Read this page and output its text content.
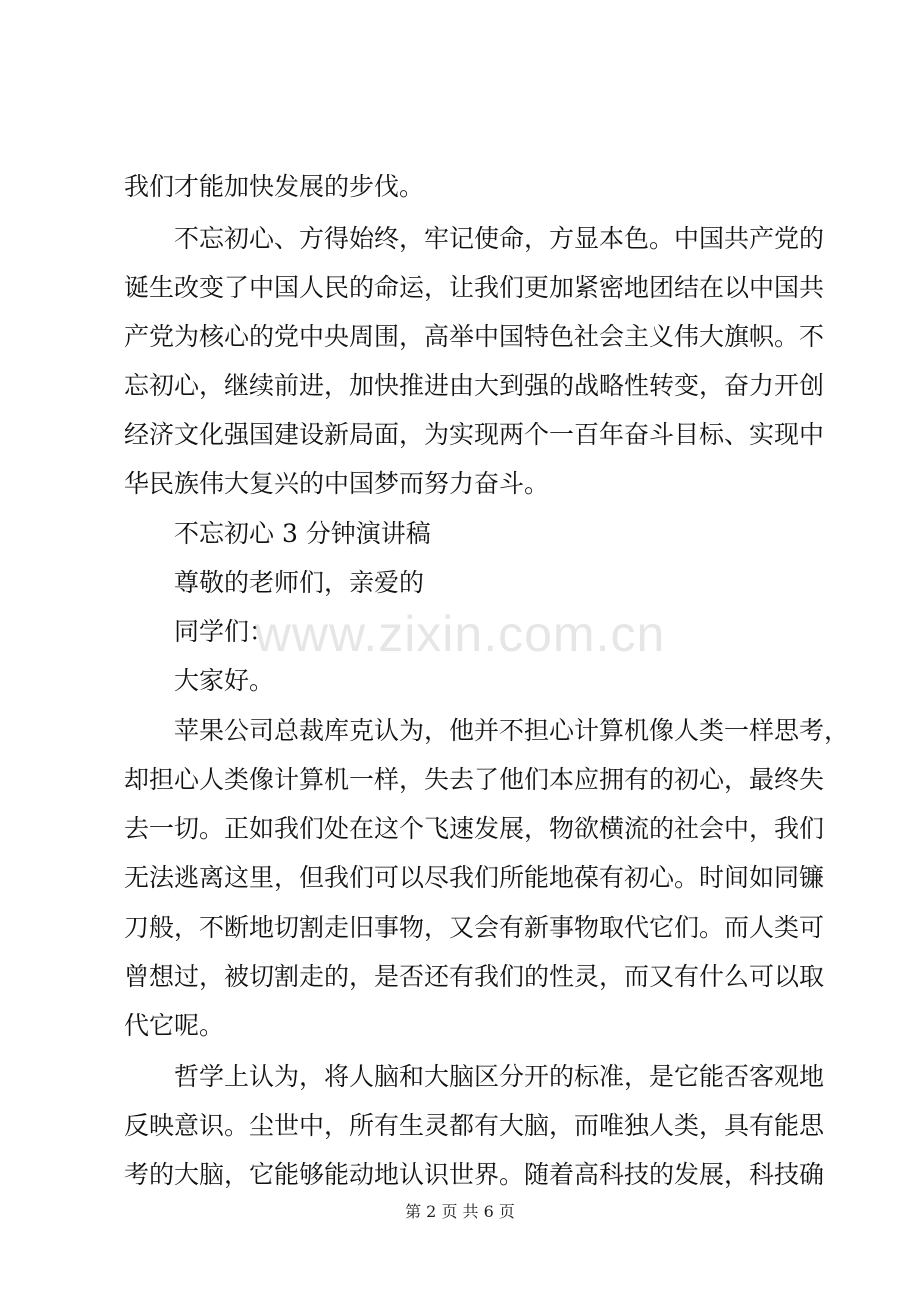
我们才能加快发展的步伐。
不忘初心、方得始终，牢记使命，方显本色。中国共产党的
诞生改变了中国人民的命运，让我们更加紧密地团结在以中国共
产党为核心的党中央周围，高举中国特色社会主义伟大旗帜。不
忘初心，继续前进，加快推进由大到强的战略性转变，奋力开创
经济文化强国建设新局面，为实现两个一百年奋斗目标、实现中
华民族伟大复兴的中国梦而努力奋斗。
不忘初心 3 分钟演讲稿
尊敬的老师们，亲爱的
同学们：
大家好。
苹果公司总裁库克认为，他并不担心计算机像人类一样思考，
却担心人类像计算机一样，失去了他们本应拥有的初心，最终失
去一切。正如我们处在这个飞速发展，物欲横流的社会中，我们
无法逃离这里，但我们可以尽我们所能地葆有初心。时间如同镰
刀般，不断地切割走旧事物，又会有新事物取代它们。而人类可
曾想过，被切割走的，是否还有我们的性灵，而又有什么可以取
代它呢。
哲学上认为，将人脑和大脑区分开的标准，是它能否客观地
反映意识。尘世中，所有生灵都有大脑，而唯独人类，具有能思
考的大脑，它能够能动地认识世界。随着高科技的发展，科技确
www.zixin.com.cn
第 2 页 共 6 页
